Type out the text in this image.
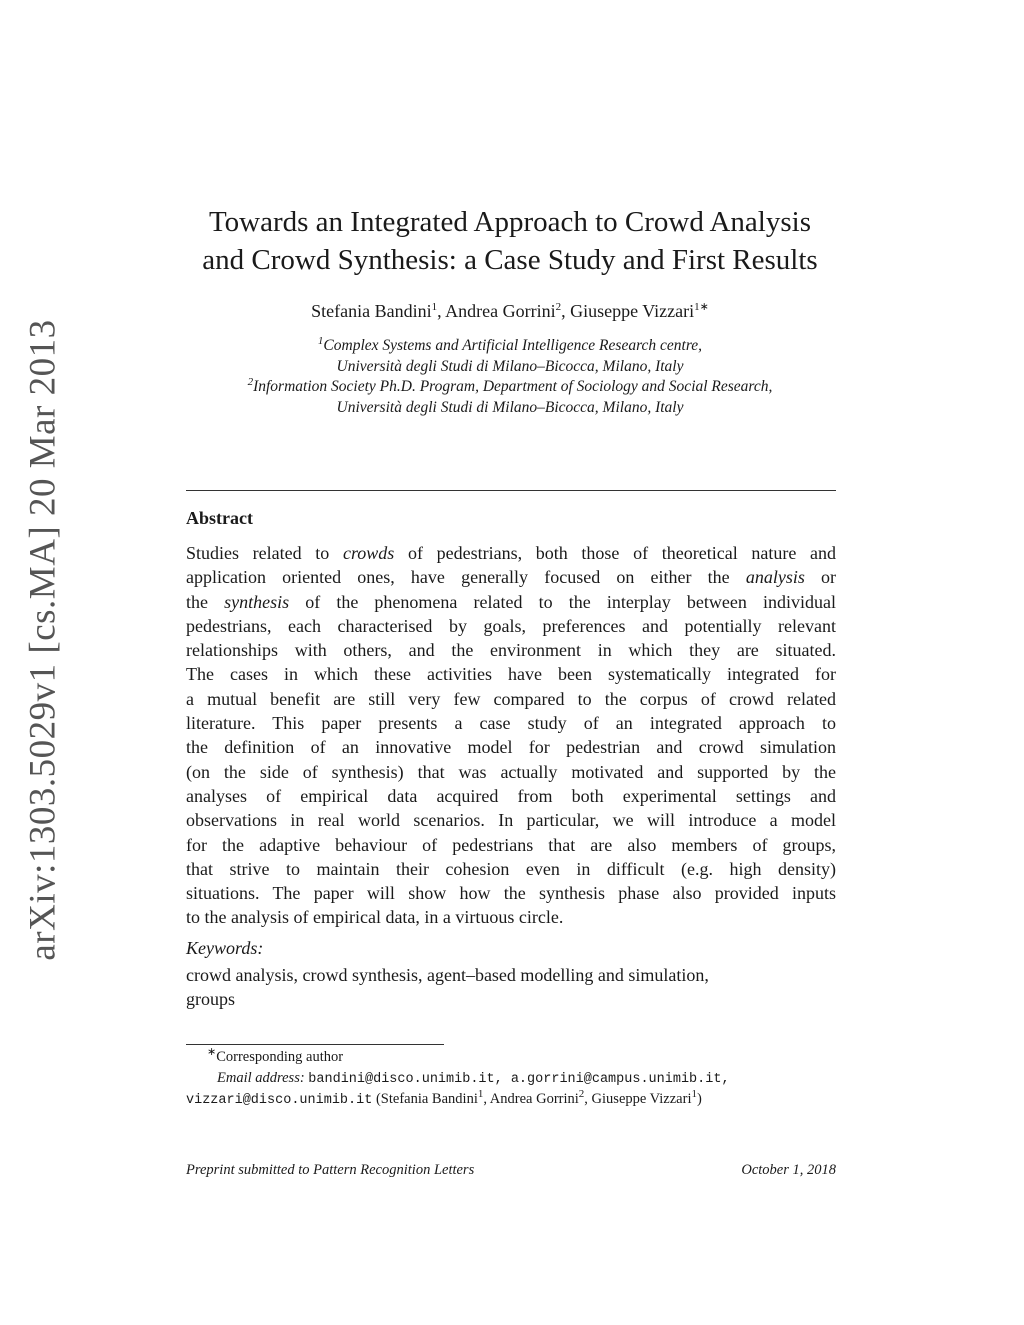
arXiv:1303.5029v1 [cs.MA] 20 Mar 2013
Towards an Integrated Approach to Crowd Analysis
and Crowd Synthesis: a Case Study and First Results
Stefania Bandini$^1$, Andrea Gorrini$^2$, Giuseppe Vizzari$^{1∗}$
$^1$Complex Systems and Artificial Intelligence Research centre,
Università degli Studi di Milano–Bicocca, Milano, Italy
$^2$Information Society Ph.D. Program, Department of Sociology and Social Research,
Università degli Studi di Milano–Bicocca, Milano, Italy
Abstract
Studies related to crowds of pedestrians, both those of theoretical nature and
application oriented ones, have generally focused on either the analysis or
the synthesis of the phenomena related to the interplay between individual
pedestrians, each characterised by goals, preferences and potentially relevant
relationships with others, and the environment in which they are situated.
The cases in which these activities have been systematically integrated for
a mutual benefit are still very few compared to the corpus of crowd related
literature. This paper presents a case study of an integrated approach to
the definition of an innovative model for pedestrian and crowd simulation
(on the side of synthesis) that was actually motivated and supported by the
analyses of empirical data acquired from both experimental settings and
observations in real world scenarios. In particular, we will introduce a model
for the adaptive behaviour of pedestrians that are also members of groups,
that strive to maintain their cohesion even in difficult (e.g. high density)
situations. The paper will show how the synthesis phase also provided inputs
to the analysis of empirical data, in a virtuous circle.
Keywords:
crowd analysis, crowd synthesis, agent–based modelling and simulation,
groups
∗Corresponding author
Email address: bandini@disco.unimib.it, a.gorrini@campus.unimib.it,
vizzari@disco.unimib.it (Stefania Bandini$^1$, Andrea Gorrini$^2$, Giuseppe Vizzari$^1$)
Preprint submitted to Pattern Recognition Letters	October 1, 2018
